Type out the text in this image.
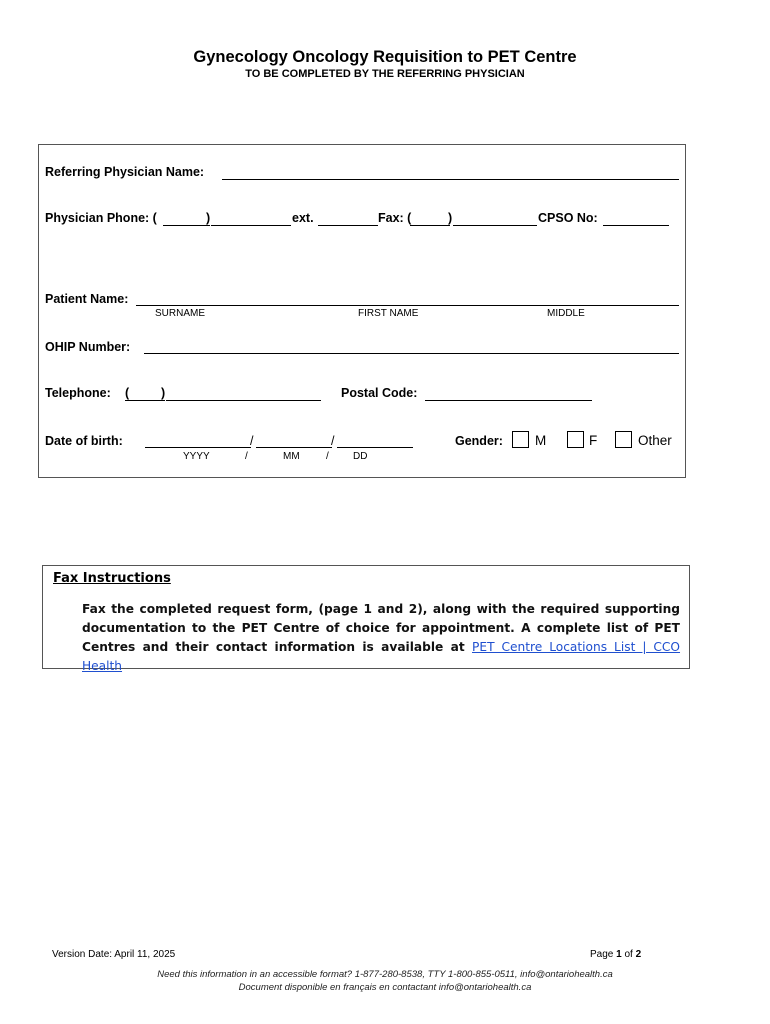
Gynecology Oncology Requisition to PET Centre
TO BE COMPLETED BY THE REFERRING PHYSICIAN
Referring Physician Name:
Physician Phone: (	)	ext.	Fax: (	)	CPSO No:
Patient Name:
SURNAME	FIRST NAME	MIDDLE
OHIP Number:
Telephone: (	)	Postal Code:
Date of birth:	/	/
YYYY	/	MM	/ DD
Gender: M	F	Other
Fax Instructions
Fax the completed request form, (page 1 and 2), along with the required supporting documentation to the PET Centre of choice for appointment. A complete list of PET Centres and their contact information is available at PET Centre Locations List | CCO Health
Version Date: April 11, 2025	Page 1 of 2
Need this information in an accessible format? 1-877-280-8538, TTY 1-800-855-0511, info@ontariohealth.ca
Document disponible en français en contactant info@ontariohealth.ca
